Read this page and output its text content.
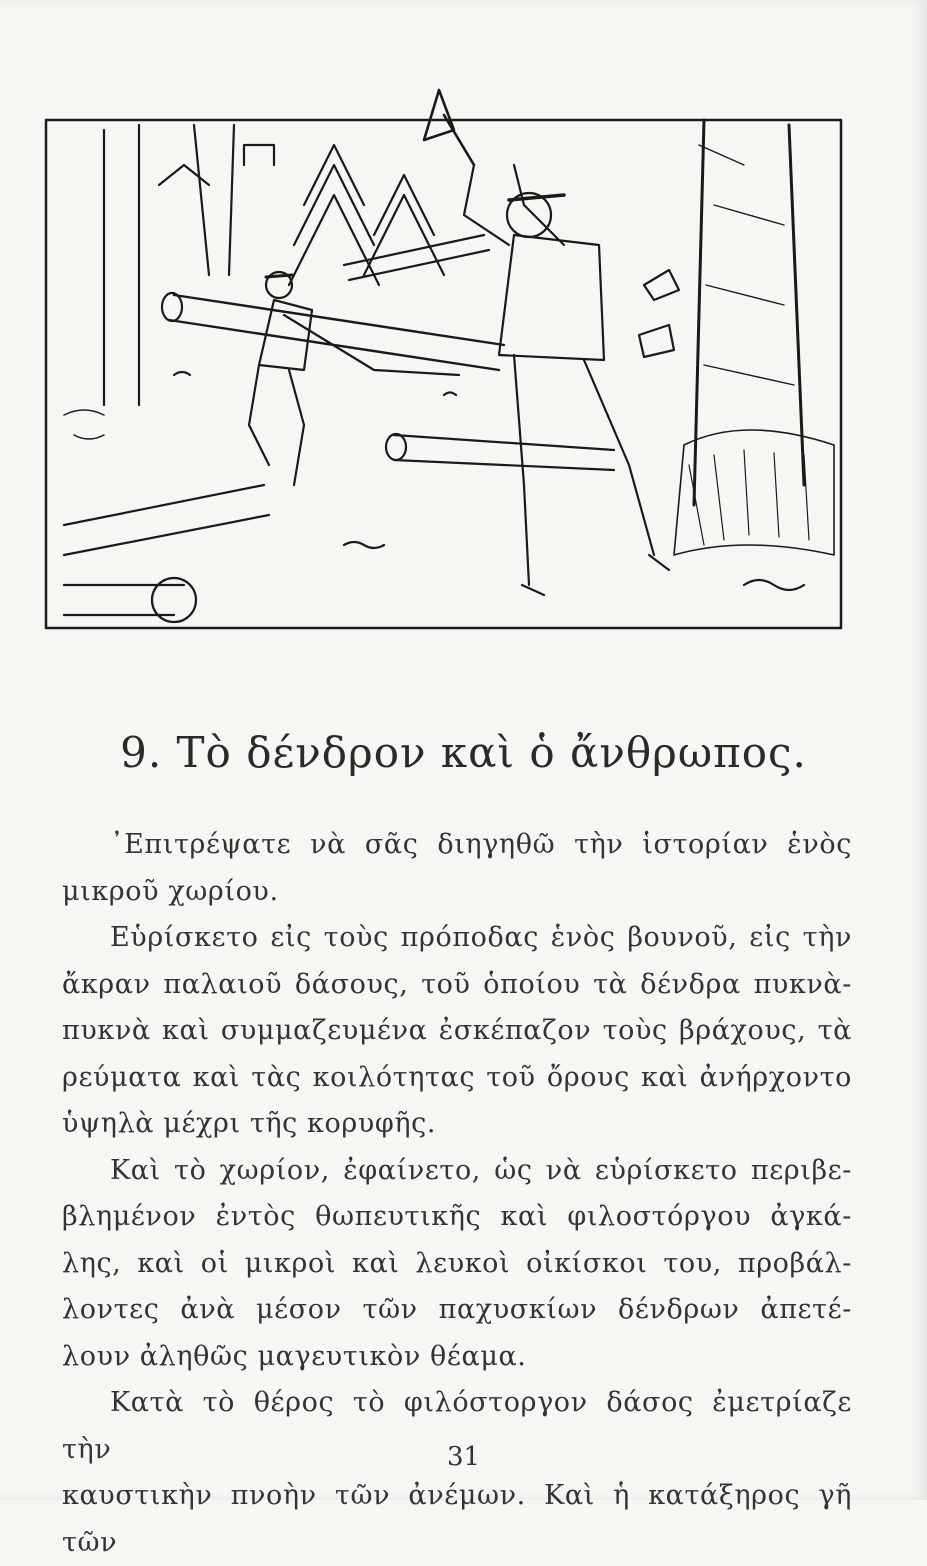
9. Τὸ δένδρον καὶ ὁ ἄνθρωπος.

᾿Επιτρέψατε νὰ σᾶς διηγηθῶ τὴν ἱστορίαν ἑνὸς

μικροῦ χωρίου.

Εὑρίσκετο εἰς τοὺς πρόποδας ἑνὸς βουνοῦ, εἰς τὴν

ἄκραν παλαιοῦ δάσους, τοῦ ὁποίου τὰ δένδρα πυκνὰ-

πυκνὰ καὶ συμμαζευμένα ἐσκέπαζον τοὺς βράχους, τὰ

ρεύματα καὶ τὰς κοιλότητας τοῦ ὄρους καὶ ἀνήρχοντο

ὑψηλὰ μέχρι τῆς κορυφῆς.

Καὶ τὸ χωρίον, ἐφαίνετο, ὡς νὰ εὑρίσκετο περιβε-

βλημένον ἐντὸς θωπευτικῆς καὶ φιλοστόργου ἀγκά-

λης, καὶ οἱ μικροὶ καὶ λευκοὶ οἰκίσκοι του, προβάλ-

λοντες ἀνὰ μέσον τῶν παχυσκίων δένδρων ἀπετέ-

λουν ἀληθῶς μαγευτικὸν θέαμα.

Κατὰ τὸ θέρος τὸ φιλόστοργον δάσος ἐμετρίαζε τὴν

καυστικὴν πνοὴν τῶν ἀνέμων. Καὶ ἡ κατάξηρος γῆ τῶν

31
